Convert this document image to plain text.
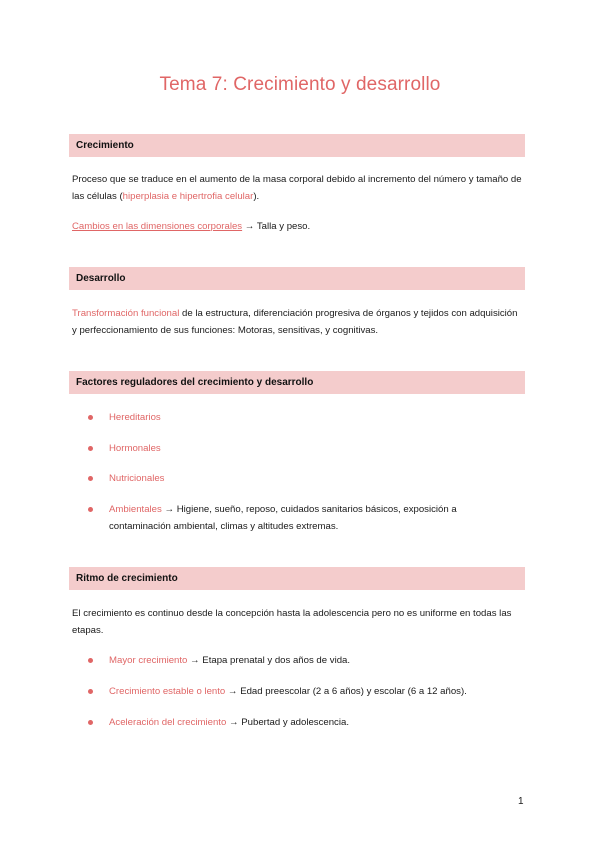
Tema 7: Crecimiento y desarrollo
Crecimiento

Proceso que se traduce en el aumento de la masa corporal debido al incremento del número y tamaño de las células (hiperplasia e hipertrofia celular).

Cambios en las dimensiones corporales → Talla y peso.

Desarrollo

Transformación funcional de la estructura, diferenciación progresiva de órganos y tejidos con adquisición y perfeccionamiento de sus funciones: Motoras, sensitivas, y cognitivas.

Factores reguladores del crecimiento y desarrollo
Hereditarios
Hormonales
Nutricionales
Ambientales → Higiene, sueño, reposo, cuidados sanitarios básicos, exposición a contaminación ambiental, climas y altitudes extremas.
Ritmo de crecimiento

El crecimiento es continuo desde la concepción hasta la adolescencia pero no es uniforme en todas las etapas.

Mayor crecimiento → Etapa prenatal y dos años de vida.
Crecimiento estable o lento → Edad preescolar (2 a 6 años) y escolar (6 a 12 años).
Aceleración del crecimiento → Pubertad y adolescencia.
1
